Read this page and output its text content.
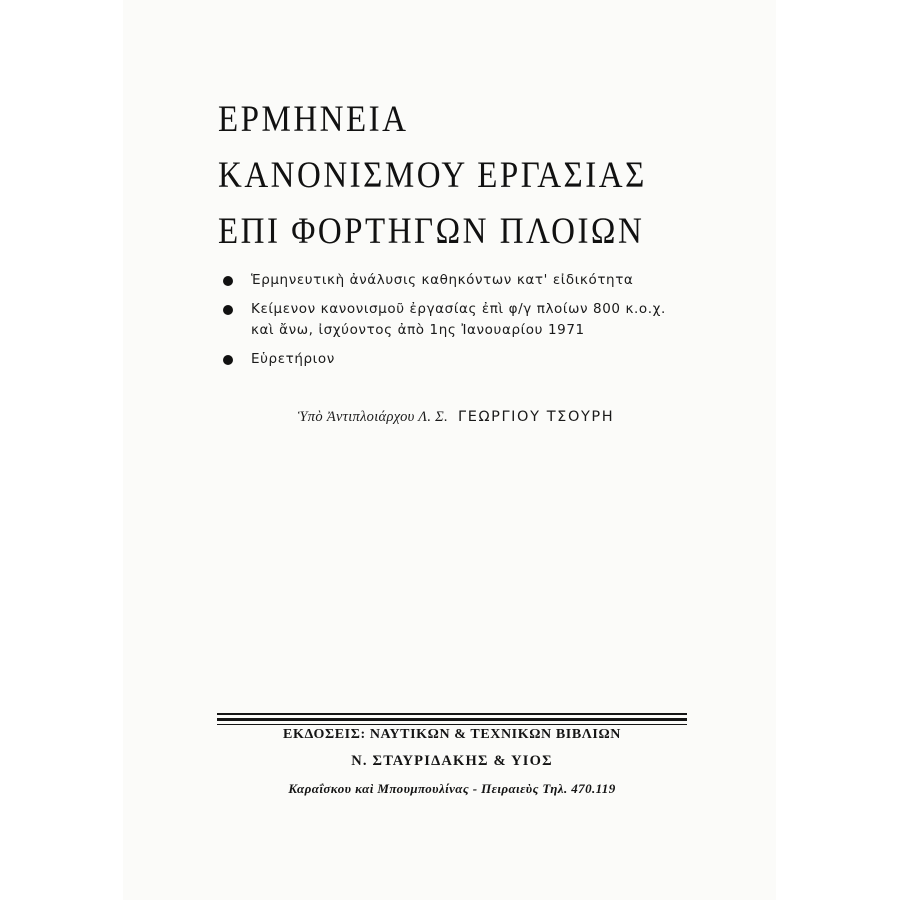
ΕΡΜΗΝΕΙΑ
ΚΑΝΟΝΙΣΜΟΥ ΕΡΓΑΣΙΑΣ
ΕΠΙ ΦΟΡΤΗΓΩΝ ΠΛΟΙΩΝ
Ἑρμηνευτικὴ ἀνάλυσις καθηκόντων κατ' εἰδικότητα
Κείμενον κανονισμοῦ ἐργασίας ἐπὶ φ/γ πλοίων 800 κ.ο.χ.
καὶ ἄνω, ἰσχύοντος ἀπὸ 1ης Ἰανουαρίου 1971
Εὑρετήριον
Ὑπὸ Ἀντιπλοιάρχου Λ. Σ. ΓΕΩΡΓΙΟΥ ΤΣΟΥΡΗ
ΕΚΔΟΣΕΙΣ: ΝΑΥΤΙΚΩΝ & ΤΕΧΝΙΚΩΝ ΒΙΒΛΙΩΝ
Ν. ΣΤΑΥΡΙΔΑΚΗΣ & ΥΙΟΣ
Καραΐσκου καὶ Μπουμπουλίνας - Πειραιεὺς Τηλ. 470.119
